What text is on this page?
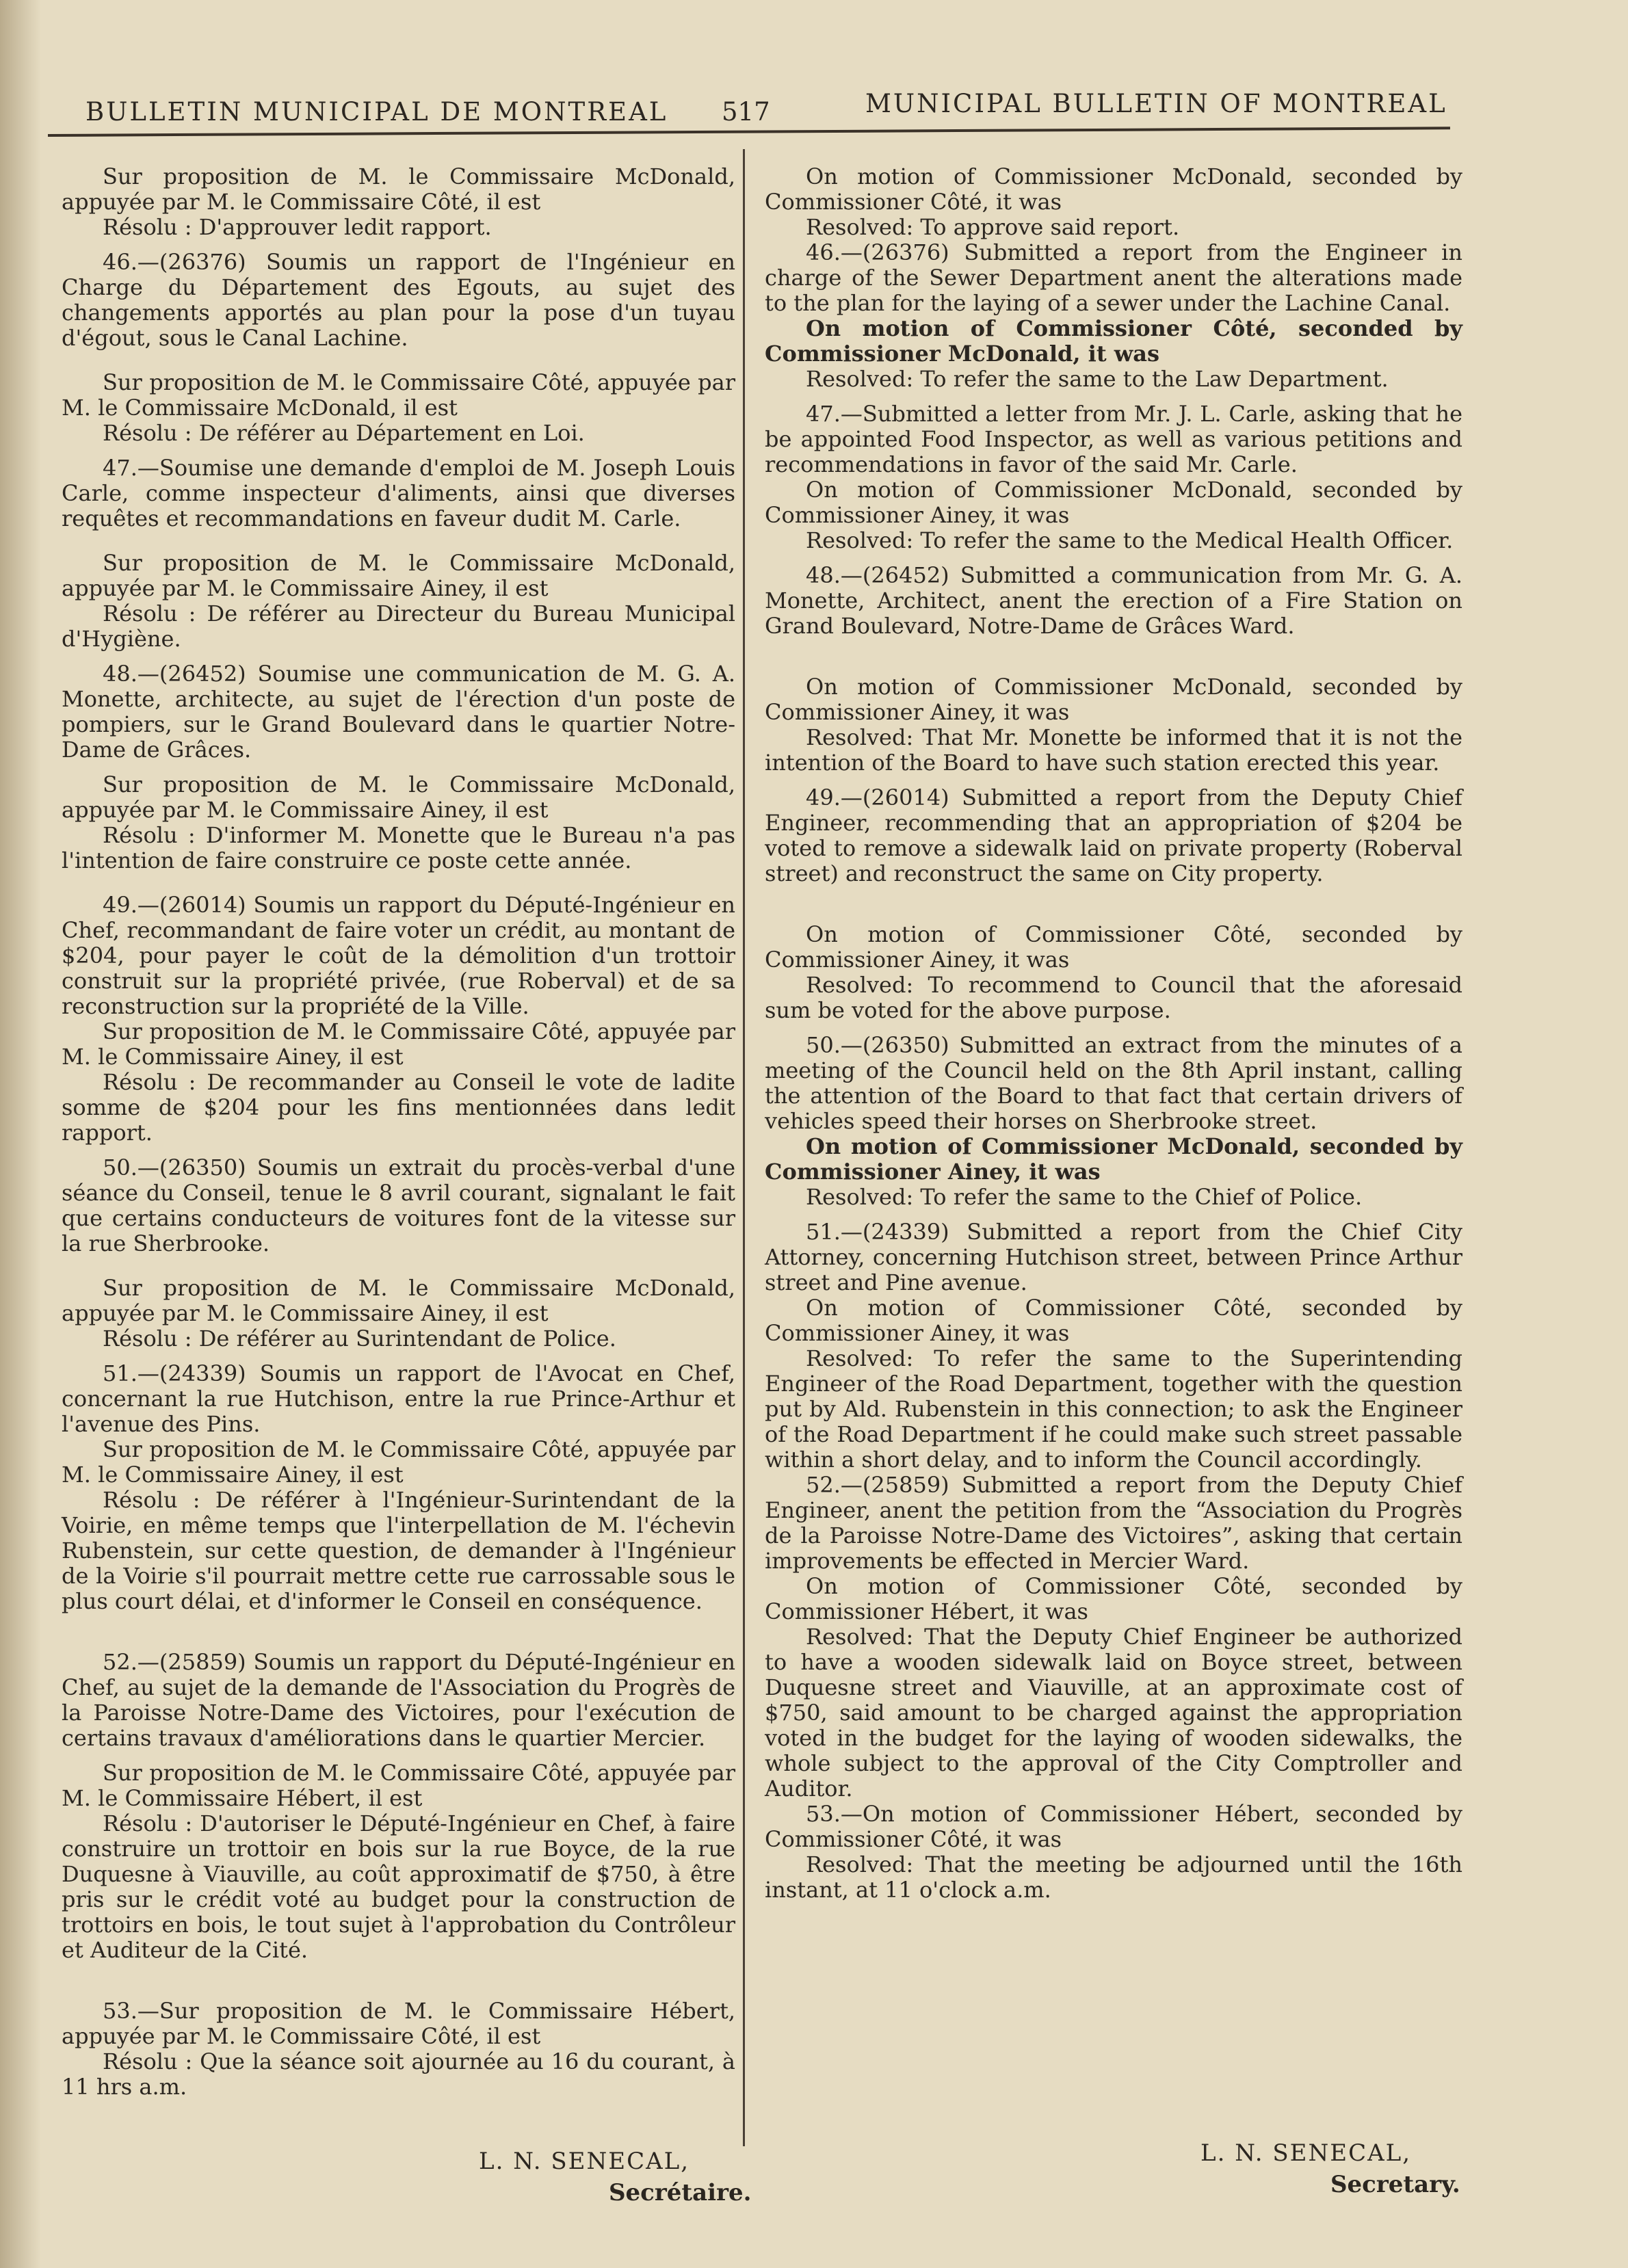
BULLETIN MUNICIPAL DE MONTREAL 517	MUNICIPAL BULLETIN OF MONTREAL

Sur proposition de M. le Commissaire McDonald, appuyée par M. le Commissaire Côté, il est

Résolu : D'approuver ledit rapport.

46.—(26376) Soumis un rapport de l'Ingénieur en Charge du Département des Egouts, au sujet des changements apportés au plan pour la pose d'un tuyau d'égout, sous le Canal Lachine.

Sur proposition de M. le Commissaire Côté, appuyée par M. le Commissaire McDonald, il est

Résolu : De référer au Département en Loi.

47.—Soumise une demande d'emploi de M. Joseph Louis Carle, comme inspecteur d'aliments, ainsi que diverses requêtes et recommandations en faveur dudit M. Carle.

Sur proposition de M. le Commissaire McDonald, appuyée par M. le Commissaire Ainey, il est

Résolu : De référer au Directeur du Bureau Municipal d'Hygiène.

48.—(26452) Soumise une communication de M. G. A. Monette, architecte, au sujet de l'érection d'un poste de pompiers, sur le Grand Boulevard dans le quartier Notre-Dame de Grâces.

Sur proposition de M. le Commissaire McDonald, appuyée par M. le Commissaire Ainey, il est

Résolu : D'informer M. Monette que le Bureau n'a pas l'intention de faire construire ce poste cette année.

49.—(26014) Soumis un rapport du Député-Ingénieur en Chef, recommandant de faire voter un crédit, au montant de $204, pour payer le coût de la démolition d'un trottoir construit sur la propriété privée, (rue Roberval) et de sa reconstruction sur la propriété de la Ville.

Sur proposition de M. le Commissaire Côté, appuyée par M. le Commissaire Ainey, il est

Résolu : De recommander au Conseil le vote de ladite somme de $204 pour les fins mentionnées dans ledit rapport.

50.—(26350) Soumis un extrait du procès-verbal d'une séance du Conseil, tenue le 8 avril courant, signalant le fait que certains conducteurs de voitures font de la vitesse sur la rue Sherbrooke.

Sur proposition de M. le Commissaire McDonald, appuyée par M. le Commissaire Ainey, il est

Résolu : De référer au Surintendant de Police.

51.—(24339) Soumis un rapport de l'Avocat en Chef, concernant la rue Hutchison, entre la rue Prince-Arthur et l'avenue des Pins.

Sur proposition de M. le Commissaire Côté, appuyée par M. le Commissaire Ainey, il est

Résolu : De référer à l'Ingénieur-Surintendant de la Voirie, en même temps que l'interpellation de M. l'échevin Rubenstein, sur cette question, de demander à l'Ingénieur de la Voirie s'il pourrait mettre cette rue carrossable sous le plus court délai, et d'informer le Conseil en conséquence.

52.—(25859) Soumis un rapport du Député-Ingénieur en Chef, au sujet de la demande de l'Association du Progrès de la Paroisse Notre-Dame des Victoires, pour l'exécution de certains travaux d'améliorations dans le quartier Mercier.

Sur proposition de M. le Commissaire Côté, appuyée par M. le Commissaire Hébert, il est

Résolu : D'autoriser le Député-Ingénieur en Chef, à faire construire un trottoir en bois sur la rue Boyce, de la rue Duquesne à Viauville, au coût approximatif de $750, à être pris sur le crédit voté au budget pour la construction de trottoirs en bois, le tout sujet à l'approbation du Contrôleur et Auditeur de la Cité.

53.—Sur proposition de M. le Commissaire Hébert, appuyée par M. le Commissaire Côté, il est

Résolu : Que la séance soit ajournée au 16 du courant, à 11 hrs a.m.

On motion of Commissioner McDonald, seconded by Commissioner Côté, it was

Resolved: To approve said report.

46.—(26376) Submitted a report from the Engineer in charge of the Sewer Department anent the alterations made to the plan for the laying of a sewer under the Lachine Canal.

On motion of Commissioner Côté, seconded by Commissioner McDonald, it was

Resolved: To refer the same to the Law Department.

47.—Submitted a letter from Mr. J. L. Carle, asking that he be appointed Food Inspector, as well as various petitions and recommendations in favor of the said Mr. Carle.

On motion of Commissioner McDonald, seconded by Commissioner Ainey, it was

Resolved: To refer the same to the Medical Health Officer.

48.—(26452) Submitted a communication from Mr. G. A. Monette, Architect, anent the erection of a Fire Station on Grand Boulevard, Notre-Dame de Grâces Ward.

On motion of Commissioner McDonald, seconded by Commissioner Ainey, it was

Resolved: That Mr. Monette be informed that it is not the intention of the Board to have such station erected this year.

49.—(26014) Submitted a report from the Deputy Chief Engineer, recommending that an appropriation of $204 be voted to remove a sidewalk laid on private property (Roberval street) and reconstruct the same on City property.

On motion of Commissioner Côté, seconded by Commissioner Ainey, it was

Resolved: To recommend to Council that the aforesaid sum be voted for the above purpose.

50.—(26350) Submitted an extract from the minutes of a meeting of the Council held on the 8th April instant, calling the attention of the Board to that fact that certain drivers of vehicles speed their horses on Sherbrooke street.

On motion of Commissioner McDonald, seconded by Commissioner Ainey, it was

Resolved: To refer the same to the Chief of Police.

51.—(24339) Submitted a report from the Chief City Attorney, concerning Hutchison street, between Prince Arthur street and Pine avenue.

On motion of Commissioner Côté, seconded by Commissioner Ainey, it was

Resolved: To refer the same to the Superintending Engineer of the Road Department, together with the question put by Ald. Rubenstein in this connection; to ask the Engineer of the Road Department if he could make such street passable within a short delay, and to inform the Council accordingly.

52.—(25859) Submitted a report from the Deputy Chief Engineer, anent the petition from the “Association du Progrès de la Paroisse Notre-Dame des Victoires”, asking that certain improvements be effected in Mercier Ward.

On motion of Commissioner Côté, seconded by Commissioner Hébert, it was

Resolved: That the Deputy Chief Engineer be authorized to have a wooden sidewalk laid on Boyce street, between Duquesne street and Viauville, at an approximate cost of $750, said amount to be charged against the appropriation voted in the budget for the laying of wooden sidewalks, the whole subject to the approval of the City Comptroller and Auditor.

53.—On motion of Commissioner Hébert, seconded by Commissioner Côté, it was

Resolved: That the meeting be adjourned until the 16th instant, at 11 o'clock a.m.

L. N. SENECAL,
Secrétaire.
L. N. SENECAL,
Secretary.
